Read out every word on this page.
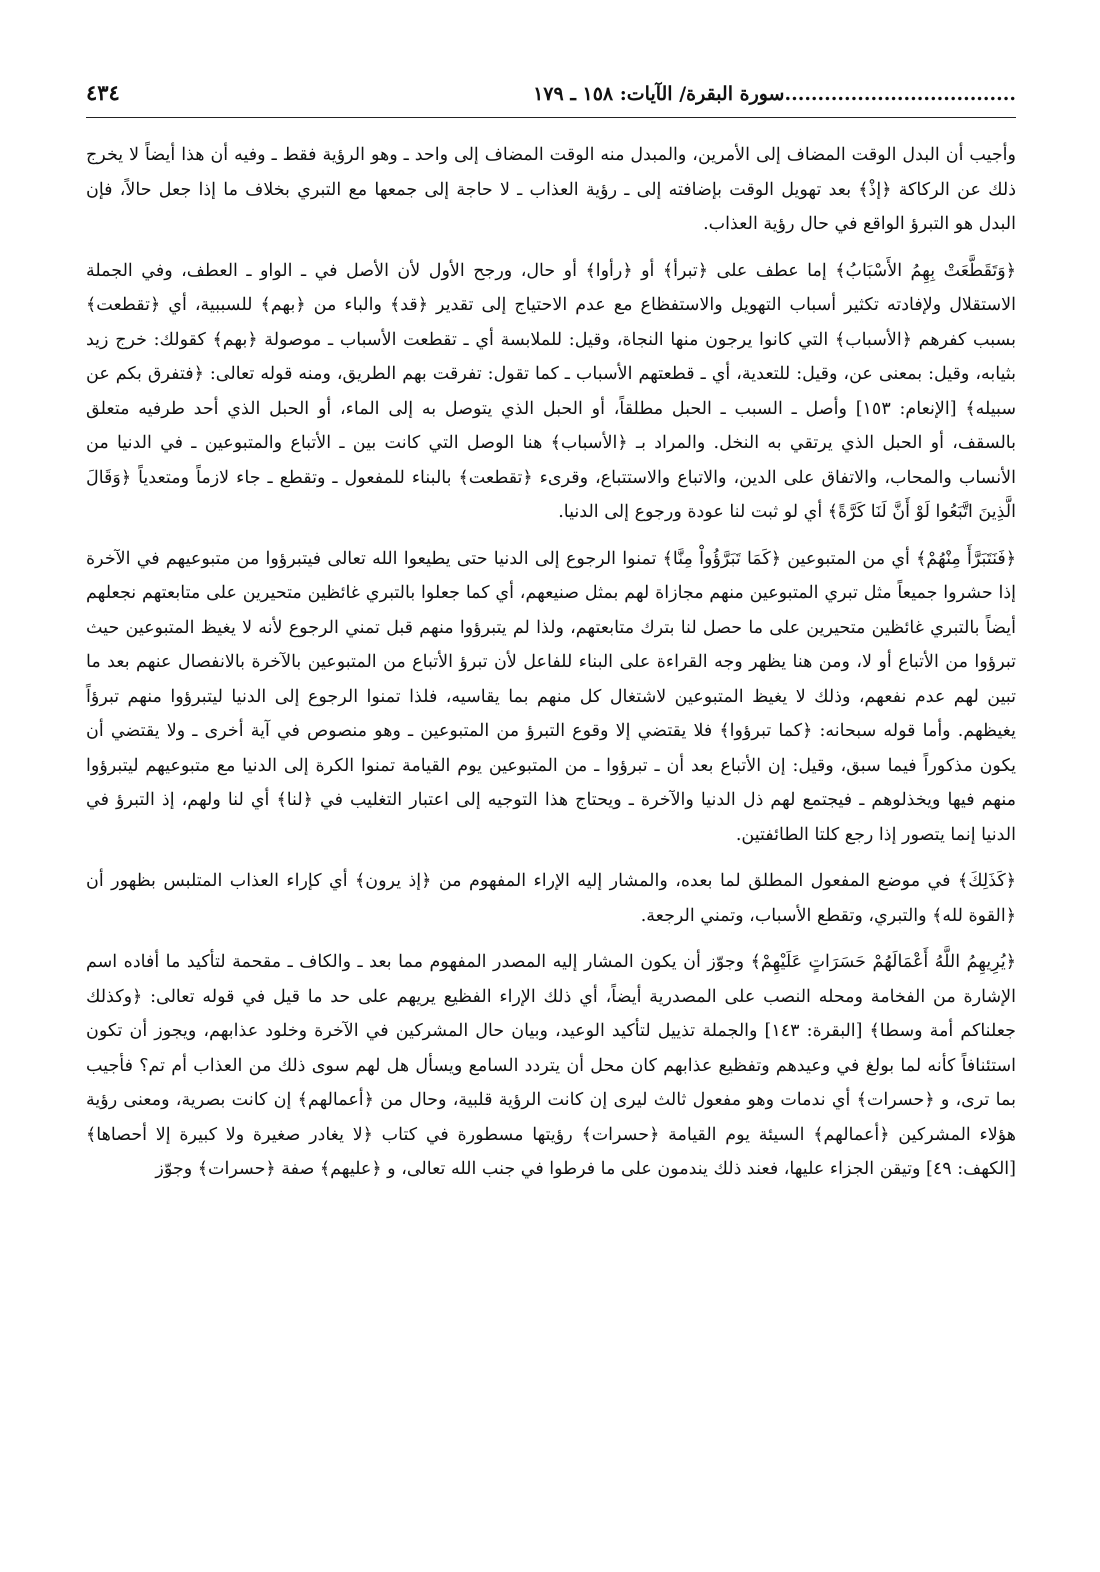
...................................سورة البقرة/ الآيات: ١٥٨ ـ ١٧٩
٤٣٤

وأجيب أن البدل الوقت المضاف إلى الأمرين، والمبدل منه الوقت المضاف إلى واحد ـ وهو الرؤية فقط ـ وفيه أن هذا أيضاً لا يخرج ذلك عن الركاكة ﴿إذْ﴾ بعد تهويل الوقت بإضافته إلى ـ رؤية العذاب ـ لا حاجة إلى جمعها مع التبري بخلاف ما إذا جعل حالاً، فإن البدل هو التبرؤ الواقع في حال رؤية العذاب.

﴿وَتَقَطَّعَتْ بِهِمُ الأَسْبَابُ﴾ إما عطف على ﴿تبرأ﴾ أو ﴿رأوا﴾ أو حال، ورجح الأول لأن الأصل في ـ الواو ـ العطف، وفي الجملة الاستقلال ولإفادته تكثير أسباب التهويل والاستفظاع مع عدم الاحتياج إلى تقدير ﴿قد﴾ والباء من ﴿بهم﴾ للسببية، أي ﴿تقطعت﴾ بسبب كفرهم ﴿الأسباب﴾ التي كانوا يرجون منها النجاة، وقيل: للملابسة أي ـ تقطعت الأسباب ـ موصولة ﴿بهم﴾ كقولك: خرج زيد بثيابه، وقيل: بمعنى عن، وقيل: للتعدية، أي ـ قطعتهم الأسباب ـ كما تقول: تفرقت بهم الطريق، ومنه قوله تعالى: ﴿فتفرق بكم عن سبيله﴾ [الإنعام: ١٥٣] وأصل ـ السبب ـ الحبل مطلقاً، أو الحبل الذي يتوصل به إلى الماء، أو الحبل الذي أحد طرفيه متعلق بالسقف، أو الحبل الذي يرتقي به النخل. والمراد بـ ﴿الأسباب﴾ هنا الوصل التي كانت بين ـ الأتباع والمتبوعين ـ في الدنيا من الأنساب والمحاب، والاتفاق على الدين، والاتباع والاستتباع، وقرىء ﴿تقطعت﴾ بالبناء للمفعول ـ وتقطع ـ جاء لازماً ومتعدياً ﴿وَقَالَ الَّذِينَ اتَّبَعُوا لَوْ أَنَّ لَنَا كَرَّةً﴾ أي لو ثبت لنا عودة ورجوع إلى الدنيا.

﴿فَنَتَبَرَّأَ مِنْهُمْ﴾ أي من المتبوعين ﴿كَمَا تَبَرَّؤُواْ مِنَّا﴾ تمنوا الرجوع إلى الدنيا حتى يطيعوا الله تعالى فيتبرؤوا من متبوعيهم في الآخرة إذا حشروا جميعاً مثل تبري المتبوعين منهم مجازاة لهم بمثل صنيعهم، أي كما جعلوا بالتبري غائظين متحيرين على متابعتهم نجعلهم أيضاً بالتبري غائظين متحيرين على ما حصل لنا بترك متابعتهم، ولذا لم يتبرؤوا منهم قبل تمني الرجوع لأنه لا يغيظ المتبوعين حيث تبرؤوا من الأتباع أو لا، ومن هنا يظهر وجه القراءة على البناء للفاعل لأن تبرؤ الأتباع من المتبوعين بالآخرة بالانفصال عنهم بعد ما تبين لهم عدم نفعهم، وذلك لا يغيظ المتبوعين لاشتغال كل منهم بما يقاسيه، فلذا تمنوا الرجوع إلى الدنيا ليتبرؤوا منهم تبرؤاً يغيظهم. وأما قوله سبحانه: ﴿كما تبرؤوا﴾ فلا يقتضي إلا وقوع التبرؤ من المتبوعين ـ وهو منصوص في آية أخرى ـ ولا يقتضي أن يكون مذكوراً فيما سبق، وقيل: إن الأتباع بعد أن ـ تبرؤوا ـ من المتبوعين يوم القيامة تمنوا الكرة إلى الدنيا مع متبوعيهم ليتبرؤوا منهم فيها ويخذلوهم ـ فيجتمع لهم ذل الدنيا والآخرة ـ ويحتاج هذا التوجيه إلى اعتبار التغليب في ﴿لنا﴾ أي لنا ولهم، إذ التبرؤ في الدنيا إنما يتصور إذا رجع كلتا الطائفتين.

﴿كَذَلِكَ﴾ في موضع المفعول المطلق لما بعده، والمشار إليه الإراء المفهوم من ﴿إذ يرون﴾ أي كإراء العذاب المتلبس بظهور أن ﴿القوة لله﴾ والتبري، وتقطع الأسباب، وتمني الرجعة.

﴿يُرِيهِمُ اللَّهُ أَعْمَالَهُمْ حَسَرَاتٍ عَلَيْهِمْ﴾ وجوّز أن يكون المشار إليه المصدر المفهوم مما بعد ـ والكاف ـ مقحمة لتأكيد ما أفاده اسم الإشارة من الفخامة ومحله النصب على المصدرية أيضاً، أي ذلك الإراء الفظيع يريهم على حد ما قيل في قوله تعالى: ﴿وكذلك جعلناكم أمة وسطا﴾ [البقرة: ١٤٣] والجملة تذييل لتأكيد الوعيد، وبيان حال المشركين في الآخرة وخلود عذابهم، ويجوز أن تكون استئنافاً كأنه لما بولغ في وعيدهم وتفظيع عذابهم كان محل أن يتردد السامع ويسأل هل لهم سوى ذلك من العذاب أم تم؟ فأجيب بما ترى، و ﴿حسرات﴾ أي ندمات وهو مفعول ثالث ليرى إن كانت الرؤية قلبية، وحال من ﴿أعمالهم﴾ إن كانت بصرية، ومعنى رؤية هؤلاء المشركين ﴿أعمالهم﴾ السيئة يوم القيامة ﴿حسرات﴾ رؤيتها مسطورة في كتاب ﴿لا يغادر صغيرة ولا كبيرة إلا أحصاها﴾ [الكهف: ٤٩] وتيقن الجزاء عليها، فعند ذلك يندمون على ما فرطوا في جنب الله تعالى، و ﴿عليهم﴾ صفة ﴿حسرات﴾ وجوّز
